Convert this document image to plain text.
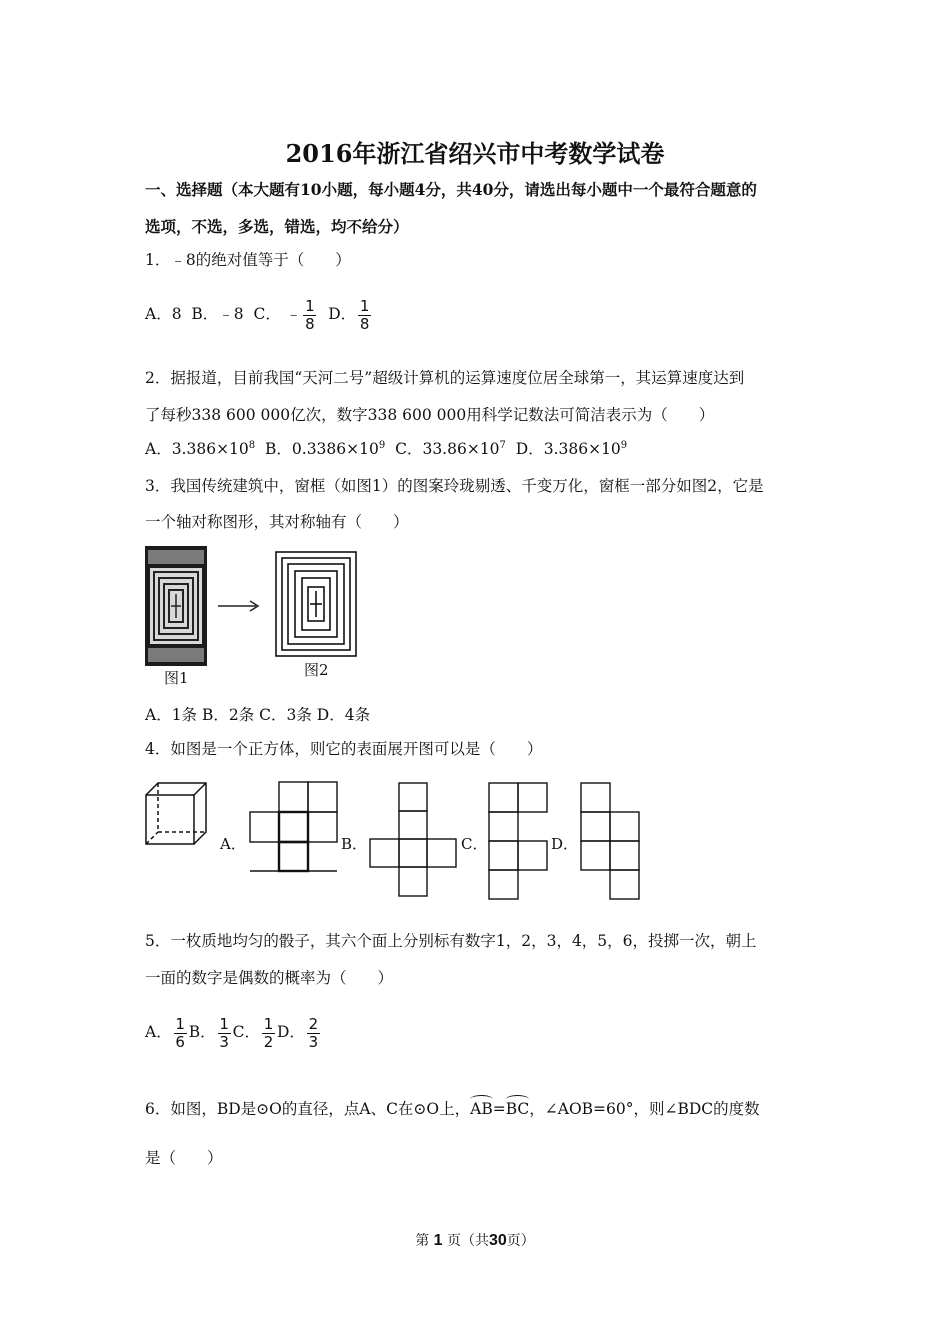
2016年浙江省绍兴市中考数学试卷
一、选择题（本大题有10小题，每小题4分，共40分，请选出每小题中一个最符合题意的
选项，不选，多选，错选，均不给分）
1．﹣8的绝对值等于（　　）
A．8 B．﹣8 C． ﹣ $\frac{1}{8}$ D． $\frac{1}{8}$
2．据报道，目前我国“天河二号”超级计算机的运算速度位居全球第一，其运算速度达到
了每秒338 600 000亿次，数字338 600 000用科学记数法可简洁表示为（　　）
A．$3.386\times 10^8$ B．$0.3386\times 10^9$ C．$33.86\times 10^7$ D．$3.386\times 10^9$
3．我国传统建筑中，窗框（如图1）的图案玲珑剔透、千变万化，窗框一部分如图2，它是
一个轴对称图形，其对称轴有（　　）
图1	图2
A．1条 B．2条 C．3条 D．4条
4．如图是一个正方体，则它的表面展开图可以是（　　）
A．	B．	C．	D．
5．一枚质地均匀的骰子，其六个面上分别标有数字1，2，3，4，5，6，投掷一次，朝上
一面的数字是偶数的概率为（　　）
A． $\frac{1}{6}$ B． $\frac{1}{3}$ C． $\frac{1}{2}$ D． $\frac{2}{3}$
6．如图，BD是⊙O的直径，点A、C在⊙O上，AB=BC，∠AOB=60°，则∠BDC的度数
是（　　）
第 1 页（共30页）
